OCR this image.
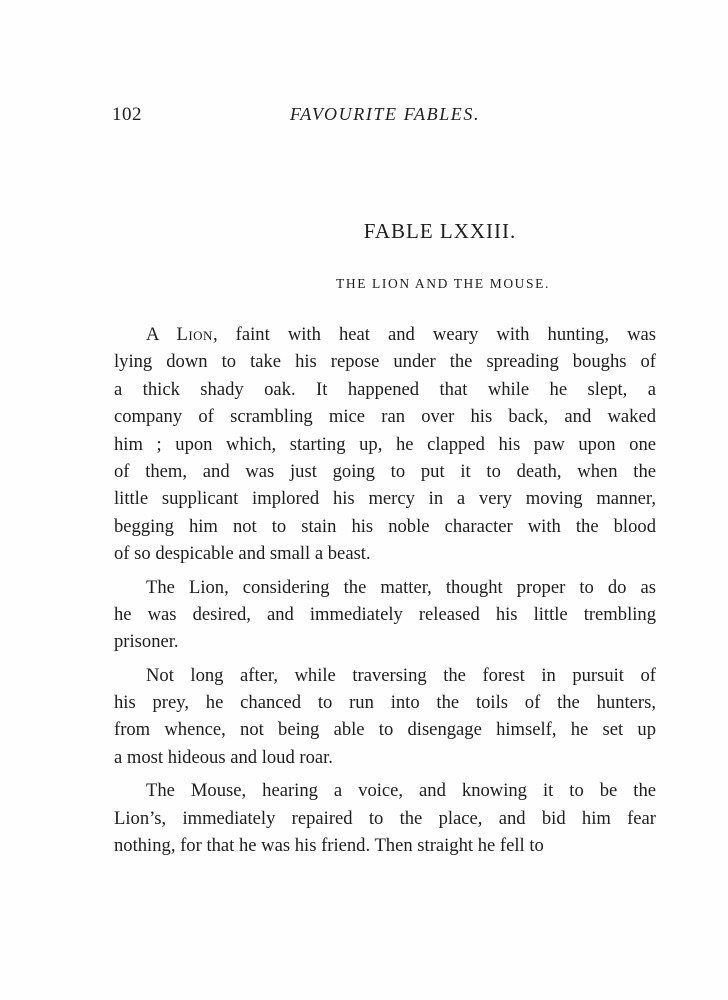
102	FAVOURITE FABLES.
FABLE LXXIII.
THE LION AND THE MOUSE.
A Lion, faint with heat and weary with hunting, was
lying down to take his repose under the spreading boughs of
a thick shady oak. It happened that while he slept, a
company of scrambling mice ran over his back, and waked
him ; upon which, starting up, he clapped his paw upon one
of them, and was just going to put it to death, when the
little supplicant implored his mercy in a very moving manner,
begging him not to stain his noble character with the blood
of so despicable and small a beast.
The Lion, considering the matter, thought proper to do as
he was desired, and immediately released his little trembling
prisoner.
Not long after, while traversing the forest in pursuit of
his prey, he chanced to run into the toils of the hunters,
from whence, not being able to disengage himself, he set up
a most hideous and loud roar.
The Mouse, hearing a voice, and knowing it to be the
Lion’s, immediately repaired to the place, and bid him fear
nothing, for that he was his friend. Then straight he fell to
